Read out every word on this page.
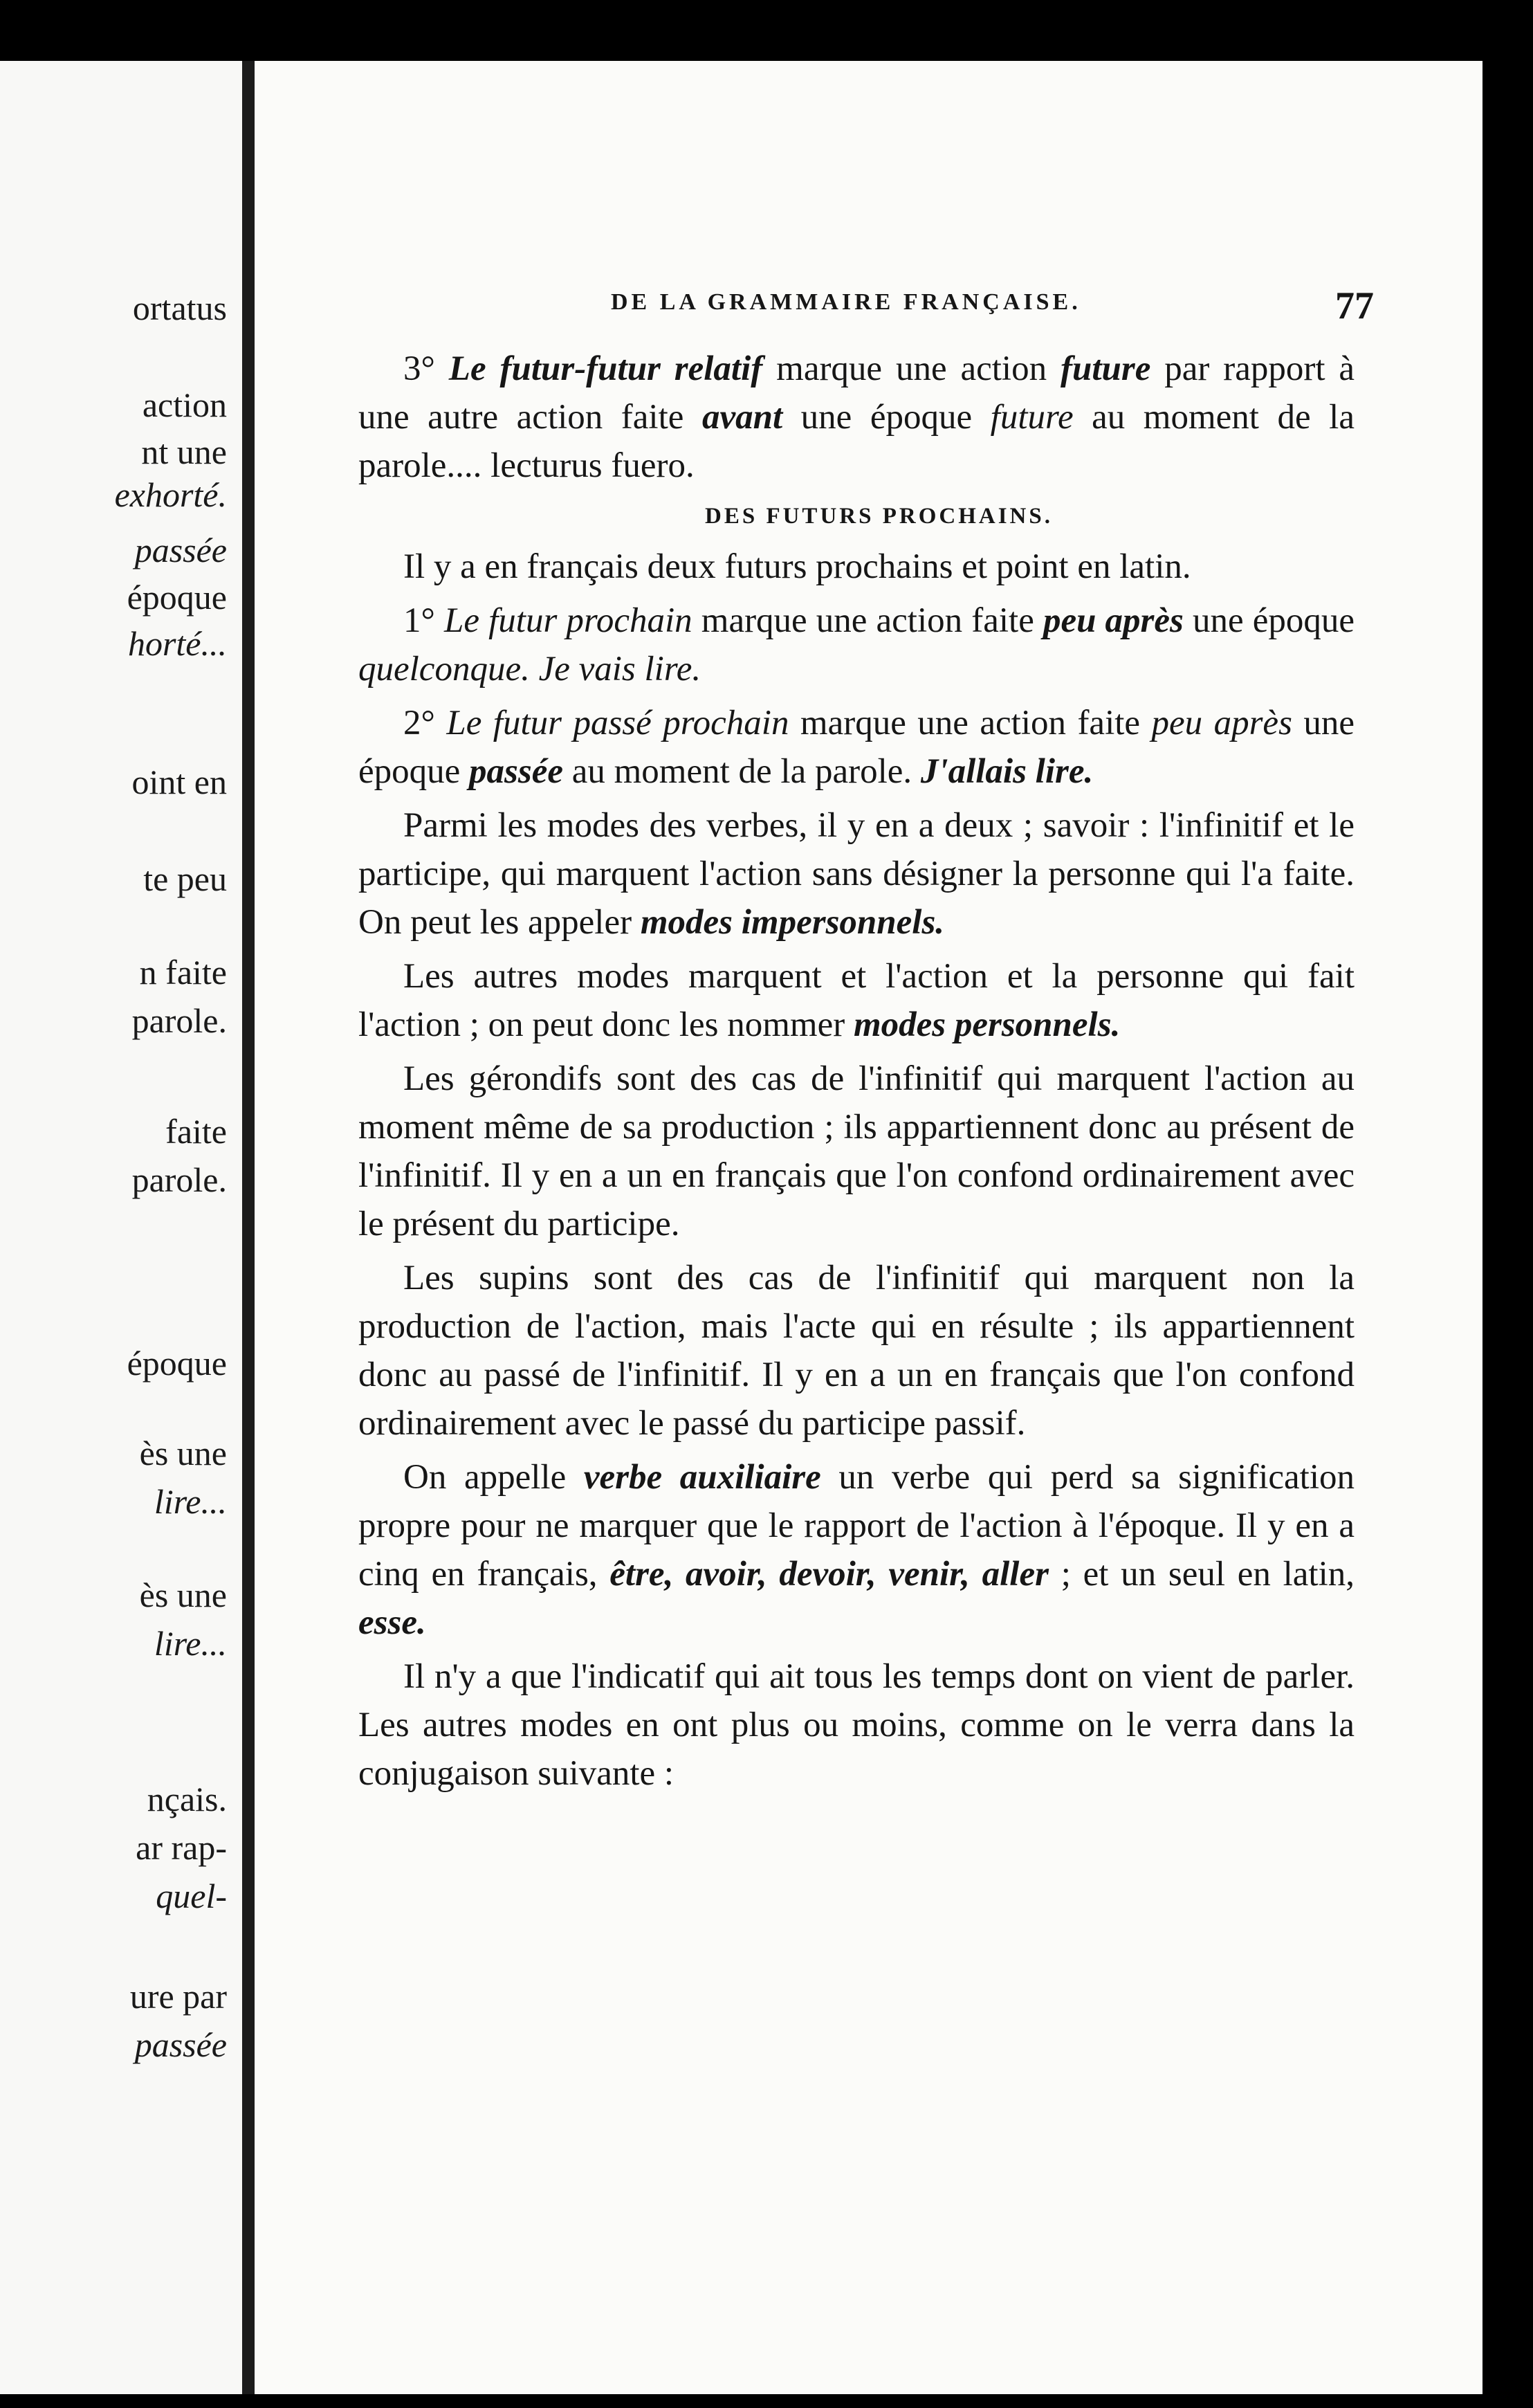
ortatus
action
nt une
exhorté.
passée
époque
horté...
oint en
te peu
n faite
parole.
faite
parole.
époque
ès une
lire...
ès une
lire...
nçais.
ar rap-
quel-
ure par
passée
DE LA GRAMMAIRE FRANÇAISE.	77

3° Le futur-futur relatif marque une action future par rapport à une autre action faite avant une époque future au moment de la parole.... lecturus fuero.

DES FUTURS PROCHAINS.

Il y a en français deux futurs prochains et point en latin.

1° Le futur prochain marque une action faite peu après une époque quelconque. Je vais lire.

2° Le futur passé prochain marque une action faite peu après une époque passée au moment de la parole. J'allais lire.

Parmi les modes des verbes, il y en a deux ; savoir : l'infinitif et le participe, qui marquent l'action sans désigner la personne qui l'a faite. On peut les appeler modes impersonnels.

Les autres modes marquent et l'action et la personne qui fait l'action ; on peut donc les nommer modes personnels.

Les gérondifs sont des cas de l'infinitif qui marquent l'action au moment même de sa production ; ils appartiennent donc au présent de l'infinitif. Il y en a un en français que l'on confond ordinairement avec le présent du participe.

Les supins sont des cas de l'infinitif qui marquent non la production de l'action, mais l'acte qui en résulte ; ils appartiennent donc au passé de l'infinitif. Il y en a un en français que l'on confond ordinairement avec le passé du participe passif.

On appelle verbe auxiliaire un verbe qui perd sa signification propre pour ne marquer que le rapport de l'action à l'époque. Il y en a cinq en français, être, avoir, devoir, venir, aller ; et un seul en latin, esse.

Il n'y a que l'indicatif qui ait tous les temps dont on vient de parler. Les autres modes en ont plus ou moins, comme on le verra dans la conjugaison suivante :
